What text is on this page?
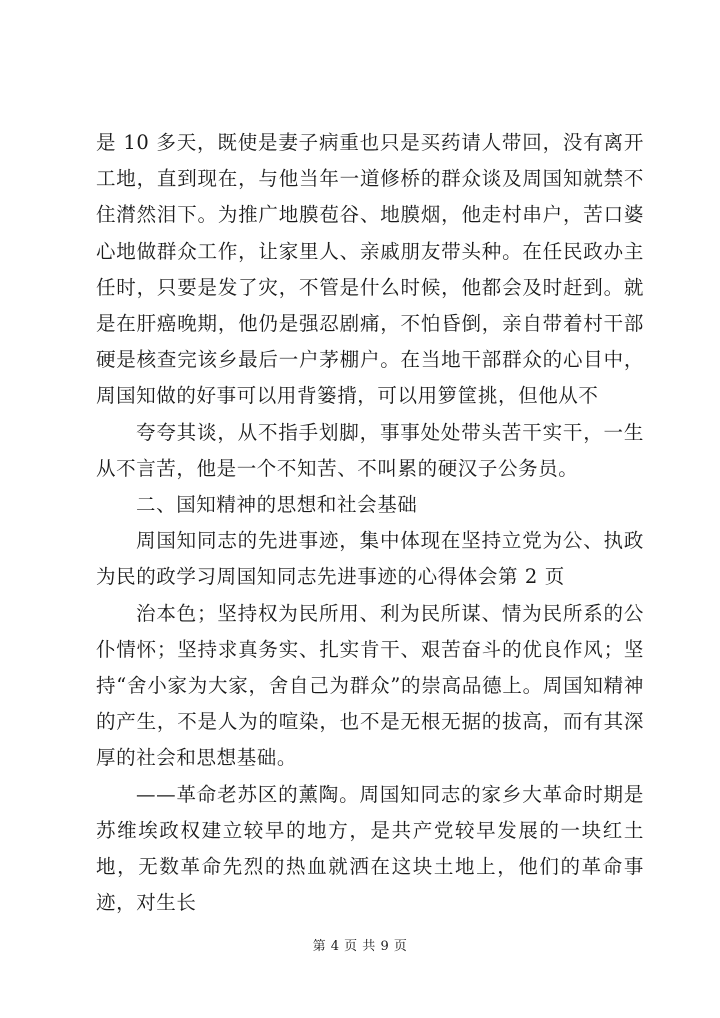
是 10 多天，既使是妻子病重也只是买药请人带回，没有离开工地，直到现在，与他当年一道修桥的群众谈及周国知就禁不住潸然泪下。为推广地膜苞谷、地膜烟，他走村串户，苦口婆心地做群众工作，让家里人、亲戚朋友带头种。在任民政办主任时，只要是发了灾，不管是什么时候，他都会及时赶到。就是在肝癌晚期，他仍是强忍剧痛，不怕昏倒，亲自带着村干部硬是核查完该乡最后一户茅棚户。在当地干部群众的心目中，周国知做的好事可以用背篓揹，可以用箩筐挑，但他从不

夸夸其谈，从不指手划脚，事事处处带头苦干实干，一生从不言苦，他是一个不知苦、不叫累的硬汉子公务员。

二、国知精神的思想和社会基础

周国知同志的先进事迹，集中体现在坚持立党为公、执政为民的政学习周国知同志先进事迹的心得体会第 2 页

治本色；坚持权为民所用、利为民所谋、情为民所系的公仆情怀；坚持求真务实、扎实肯干、艰苦奋斗的优良作风；坚持“舍小家为大家，舍自己为群众”的崇高品德上。周国知精神的产生，不是人为的喧染，也不是无根无据的拔高，而有其深厚的社会和思想基础。

——革命老苏区的薰陶。周国知同志的家乡大革命时期是苏维埃政权建立较早的地方，是共产党较早发展的一块红土地，无数革命先烈的热血就洒在这块土地上，他们的革命事迹，对生长

第 4 页 共 9 页
